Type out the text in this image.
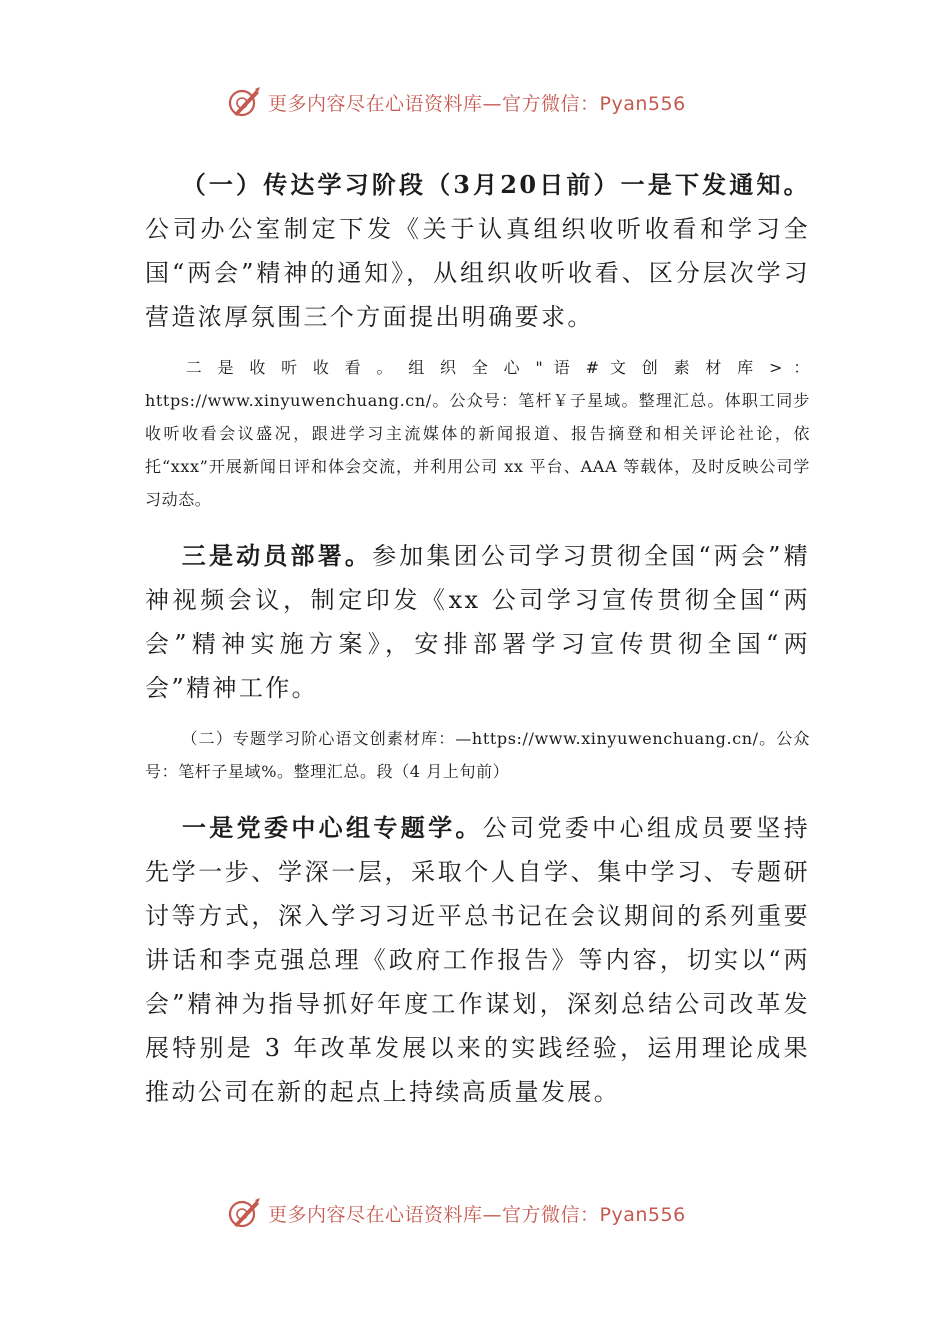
更多内容尽在心语资料库—官方微信：Pyan556

（一）传达学习阶段（3月20日前）一是下发通知。公司办公室制定下发《关于认真组织收听收看和学习全国“两会”精神的通知》，从组织收听收看、区分层次学习营造浓厚氛围三个方面提出明确要求。

二 是 收 听 收 看 。 组 织 全 心 " 语 # 文 创 素 材 库 > ： https://www.xinyuwenchuang.cn/。公众号：笔杆￥子星域。整理汇总。体职工同步收听收看会议盛况，跟进学习主流媒体的新闻报道、报告摘登和相关评论社论，依托“xxx”开展新闻日评和体会交流，并利用公司 xx 平台、AAA 等载体，及时反映公司学习动态。

三是动员部署。参加集团公司学习贯彻全国“两会”精神视频会议，制定印发《xx 公司学习宣传贯彻全国“两会”精神实施方案》，安排部署学习宣传贯彻全国“两会”精神工作。

（二）专题学习阶心语文创素材库：—https://www.xinyuwenchuang.cn/。公众号：笔杆子星域%。整理汇总。段（4 月上旬前）

一是党委中心组专题学。公司党委中心组成员要坚持先学一步、学深一层，采取个人自学、集中学习、专题研讨等方式，深入学习习近平总书记在会议期间的系列重要讲话和李克强总理《政府工作报告》等内容，切实以“两会”精神为指导抓好年度工作谋划，深刻总结公司改革发展特别是 3 年改革发展以来的实践经验，运用理论成果推动公司在新的起点上持续高质量发展。

更多内容尽在心语资料库—官方微信：Pyan556
